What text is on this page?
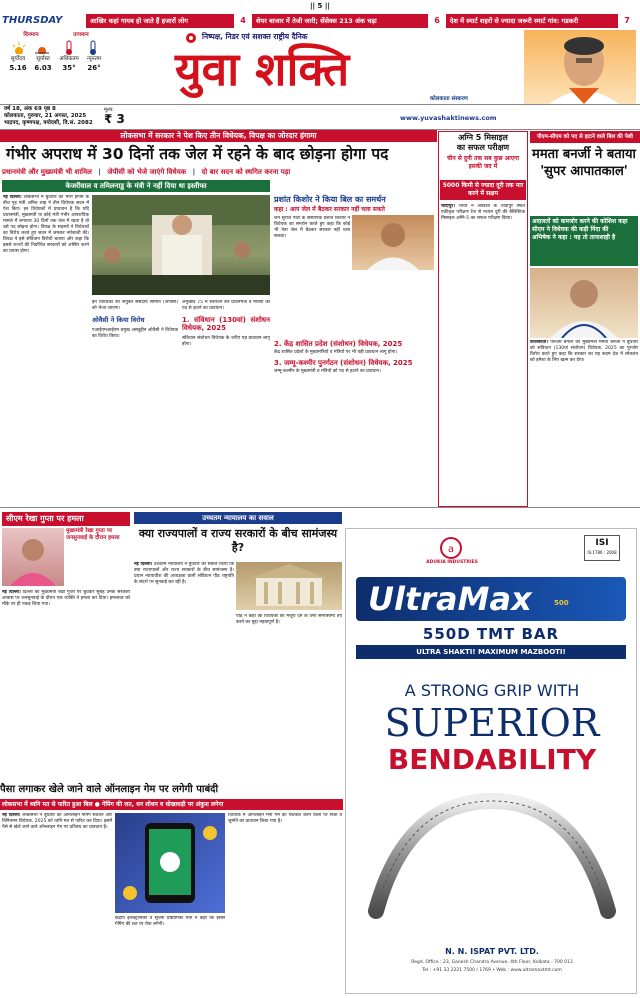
|| 5 ||
THURSDAY	आखिर कहां गायब हो जाते हैं हजारों लोग	4	शेयर बाजार में तेजी जारी; सेंसेक्स 213 अंक चढ़ा	6	देश में स्मार्ट शहरों से ज्यादा जरूरी स्मार्ट गांव: गडकरी	7
दिनमान	तापमान
सूर्योदय	सूर्यास्त	अधिकतम	न्यूनतम
5.16	6.03	35°	26°
निष्पक्ष, निडर एवं सशक्त राष्ट्रीय दैनिक
युवा शक्ति
कोलकाता संस्करण
वर्ष 18, अंक 69 पृष्ठ 8
कोलकाता, गुरुवार, 21 अगस्त, 2025
भाद्रपद, कृष्णपक्ष, त्रयोदशी, वि.सं. 2082
मूल्य:
₹ 3	www.yuvashaktinews.com
लोकसभा में सरकार ने पेश किए तीन विधेयक, विपक्ष का जोरदार हंगामा
गंभीर अपराध में 30 दिनों तक जेल में रहने के बाद छोड़ना होगा पद
प्रधानमंत्री और मुख्यमंत्री भी शामिल | जेपीसी को भेजे जाएंगे विधेयक | दो बार सदन को स्थगित करना पड़ा
केजरीवाल व तमिलनाडु के मंत्री ने नहीं दिया था इस्तीफा

नई दिल्ली। लोकसभा में बुधवार को भारी हंगामे के बीच गृह मंत्री अमित शाह ने तीन विधेयक सदन में पेश किए। इन विधेयकों में प्रावधान है कि यदि प्रधानमंत्री, मुख्यमंत्री या कोई मंत्री गंभीर आपराधिक मामले में लगातार 30 दिनों तक जेल में रहता है तो उसे पद छोड़ना होगा। विपक्ष के सदस्यों ने विधेयकों का विरोध करते हुए सदन में जमकर नारेबाजी की। विपक्ष ने इसे संविधान विरोधी बताया और कहा कि इससे राज्यों की निर्वाचित सरकारों को अस्थिर करने का प्रयास होगा।

इन विधेयकों को संयुक्त संसदीय समिति (जेपीसी) को भेजा जाएगा।

ओवैसी ने किया विरोध

एआईएमआईएम प्रमुख असदुद्दीन ओवैसी ने विधेयक का विरोध किया।

अनुच्छेद 75 में संशोधन कर प्रधानमंत्री व मंत्रियों को पद से हटाने का प्रावधान।

1. संविधान (130वां) संशोधन विधेयक, 2025

संविधान संशोधन विधेयक के जरिए यह प्रावधान लागू होगा।

प्रशांत किशोर ने किया बिल का समर्थन
कहा : आप जेल में बैठकर सरकार नहीं चला सकते

जन सुराज पार्टी के संस्थापक प्रशांत किशोर ने विधेयक का समर्थन करते हुए कहा कि कोई भी नेता जेल में बैठकर सरकार नहीं चला सकता।

2. केंद्र शासित प्रदेश (संशोधन) विधेयक, 2025

केंद्र शासित प्रदेशों के मुख्यमंत्रियों व मंत्रियों पर भी यही प्रावधान लागू होगा।

3. जम्मू-कश्मीर पुनर्गठन (संशोधन) विधेयक, 2025

जम्मू-कश्मीर के मुख्यमंत्री व मंत्रियों को पद से हटाने का प्रावधान।

अग्नि 5 मिसाइल
का सफल परीक्षण
चीन से दुनी तक सब कुछ आएगा इसकी जद में
5000 किमी से ज्यादा दूरी तक मार करने में सक्षम

चांदीपुर। भारत ने ओडिशा के चांदीपुर स्थित एकीकृत परीक्षण रेंज से मध्यम दूरी की बैलिस्टिक मिसाइल अग्नि-5 का सफल परीक्षण किया।

पीएम-सीएम को पद से हटाने वाले बिल की पेशी
ममता बनर्जी ने बताया 'सुपर आपातकाल'
अदालतों को कमजोर करने की कोशिश कहा
सीएम ने विधेयक की कड़ी निंदा की
अभिषेक ने कहा : यह तो तानाशाही है

कोलकाता। पश्चिम बंगाल की मुख्यमंत्री ममता बनर्जी ने बुधवार को संविधान (130वां संशोधन) विधेयक, 2025 का पुरजोर विरोध करते हुए कहा कि सरकार का यह कदम देश में लोकतंत्र को हमेशा के लिए खत्म कर देगा।

सीएम रेखा गुप्ता पर हमला
मुख्यमंत्री रेखा गुप्ता पर जनसुनवाई के दौरान हमला

नई दिल्ली। दिल्ली की मुख्यमंत्री रेखा गुप्ता पर बुधवार सुबह उनके सरकारी आवास पर जनसुनवाई के दौरान एक व्यक्ति ने हमला कर दिया। हमलावर को मौके पर ही पकड़ लिया गया।

उच्चतम न्यायालय का सवाल
क्या राज्यपालों व राज्य सरकारों के बीच सामंजस्य है?

नई दिल्ली। उच्चतम न्यायालय ने बुधवार को सवाल किया कि क्या राज्यपालों और राज्य सरकारों के बीच सामंजस्य है। प्रधान न्यायाधीश की अध्यक्षता वाली संविधान पीठ राष्ट्रपति के संदर्भ पर सुनवाई कर रही है।

पीठ ने कहा कि विधेयकों को मंजूरी देने के लिए समयसीमा तय करने का मुद्दा महत्वपूर्ण है।

पैसा लगाकर खेले जाने वाले ऑनलाइन गेम पर लगेगी पाबंदी
लोकसभा में ध्वनि मत से पारित हुआ बिल ● गेमिंग की लत, धन शोधन व धोखाधड़ी पर अंकुश लगेगा

नई दिल्ली। लोकसभा ने बुधवार को ऑनलाइन गेमिंग संवर्धन और विनियमन विधेयक, 2025 को ध्वनि मत से पारित कर दिया। इसमें पैसे से खेले जाने वाले ऑनलाइन गेम पर प्रतिबंध का प्रावधान है।

केंद्रीय इलेक्ट्रॉनिकी व सूचना प्रौद्योगिकी मंत्री ने कहा कि इससे गेमिंग की लत पर रोक लगेगी।

विधेयक में ऑनलाइन मनी गेम की पेशकश करने वालों पर सजा व जुर्माने का प्रावधान किया गया है।

a
ADUKIA INDUSTRIES
ISI
IS:1786 : 2008
UltraMax	500
550D TMT BAR
ULTRA SHAKTI! MAXIMUM MAZBOOTI!
A STRONG GRIP WITH
SUPERIOR
BENDABILITY
N. N. ISPAT PVT. LTD.
Regd. Office : 23, Ganesh Chandra Avenue, 4th Floor, Kolkata - 700 013
Tel : +91 33 2221 7500 / 1769 • Web : www.ultramaxtmt.com
